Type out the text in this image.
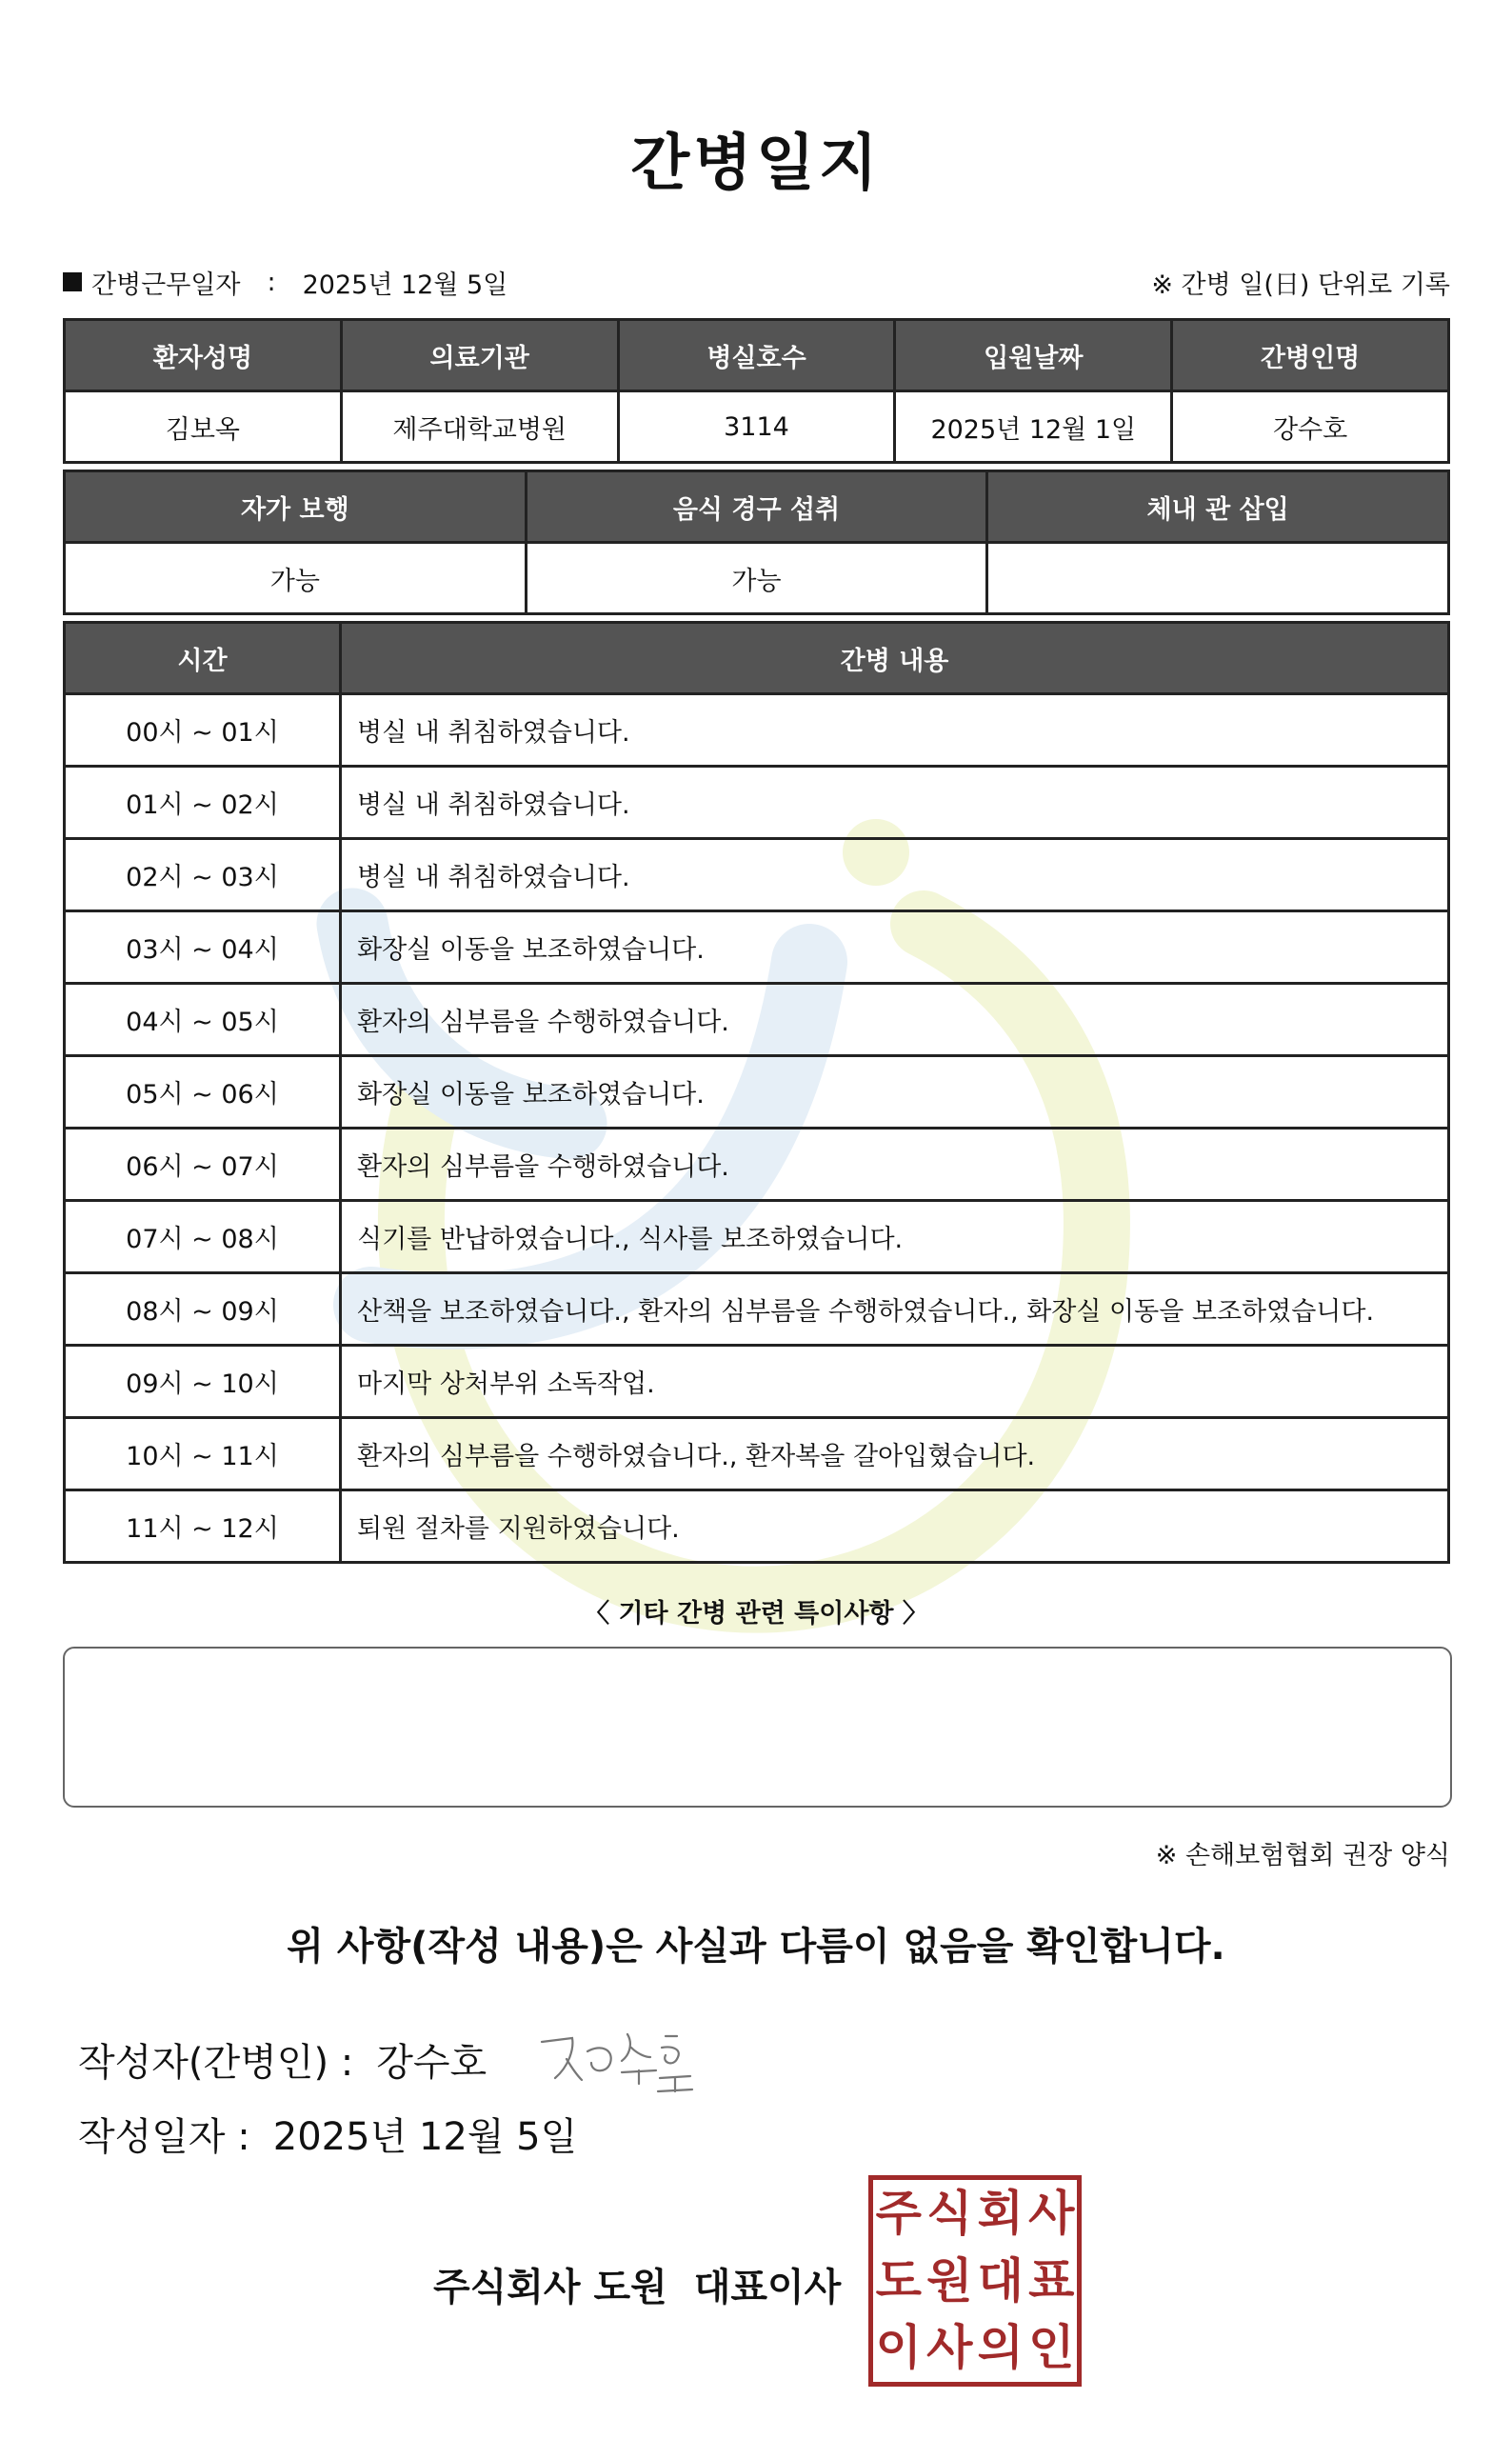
간병일지
간병근무일자 : 2025년 12월 5일	※ 간병 일(日) 단위로 기록
환자성명	의료기관	병실호수	입원날짜	간병인명
김보옥	제주대학교병원	3114	2025년 12월 1일	강수호
자가 보행	음식 경구 섭취	체내 관 삽입
가능	가능	
시간	간병 내용
00시 ~ 01시	병실 내 취침하였습니다.
01시 ~ 02시	병실 내 취침하였습니다.
02시 ~ 03시	병실 내 취침하였습니다.
03시 ~ 04시	화장실 이동을 보조하였습니다.
04시 ~ 05시	환자의 심부름을 수행하였습니다.
05시 ~ 06시	화장실 이동을 보조하였습니다.
06시 ~ 07시	환자의 심부름을 수행하였습니다.
07시 ~ 08시	식기를 반납하였습니다., 식사를 보조하였습니다.
08시 ~ 09시	산책을 보조하였습니다., 환자의 심부름을 수행하였습니다., 화장실 이동을 보조하였습니다.
09시 ~ 10시	마지막 상처부위 소독작업.
10시 ~ 11시	환자의 심부름을 수행하였습니다., 환자복을 갈아입혔습니다.
11시 ~ 12시	퇴원 절차를 지원하였습니다.
〈 기타 간병 관련 특이사항 〉
※ 손해보험협회 권장 양식
위 사항(작성 내용)은 사실과 다름이 없음을 확인합니다.
작성자(간병인) : 강수호
작성일자 : 2025년 12월 5일
주식회사 도원 대표이사
주 식 회 사
도 원 대 표
이 사 의 인
